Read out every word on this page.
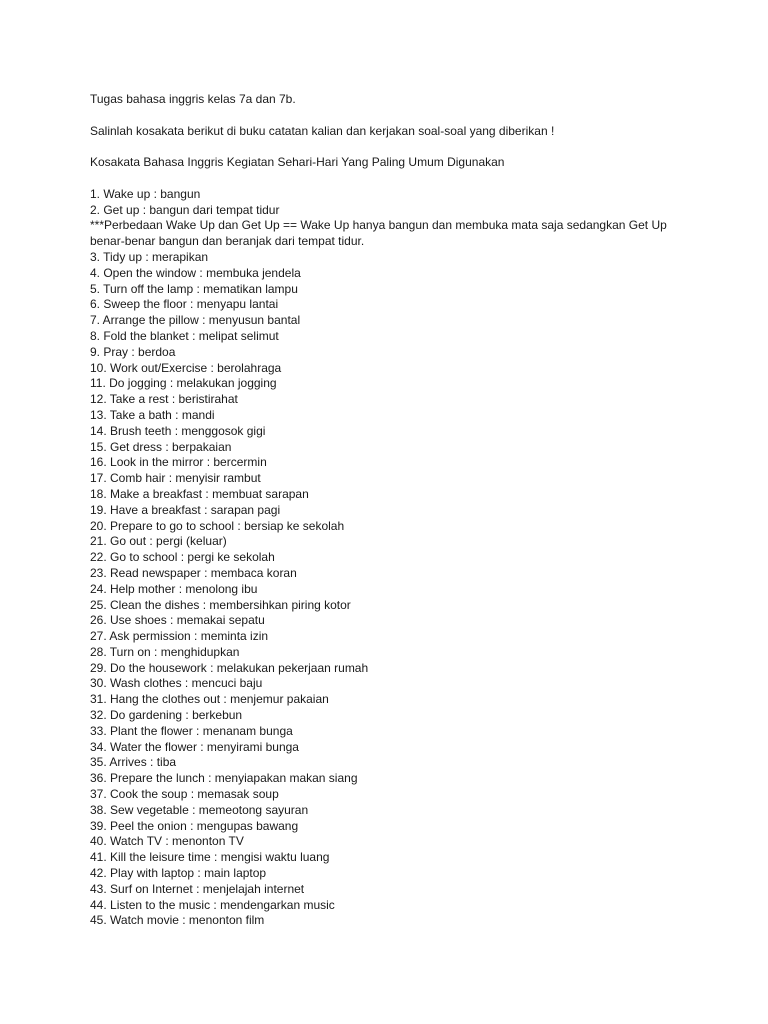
Tugas bahasa inggris kelas 7a dan 7b.

Salinlah kosakata berikut di buku catatan kalian dan kerjakan soal-soal yang diberikan !

Kosakata Bahasa Inggris Kegiatan Sehari-Hari Yang Paling Umum Digunakan

1. Wake up : bangun

2. Get up : bangun dari tempat tidur

***Perbedaan Wake Up dan Get Up == Wake Up hanya bangun dan membuka mata saja sedangkan Get Up benar-benar bangun dan beranjak dari tempat tidur.

3. Tidy up : merapikan

4. Open the window : membuka jendela

5. Turn off the lamp : mematikan lampu

6. Sweep the floor : menyapu lantai

7. Arrange the pillow : menyusun bantal

8. Fold the blanket : melipat selimut

9. Pray : berdoa

10. Work out/Exercise : berolahraga

11. Do jogging : melakukan jogging

12. Take a rest : beristirahat

13. Take a bath : mandi

14. Brush teeth : menggosok gigi

15. Get dress : berpakaian

16. Look in the mirror : bercermin

17. Comb hair : menyisir rambut

18. Make a breakfast : membuat sarapan

19. Have a breakfast : sarapan pagi

20. Prepare to go to school : bersiap ke sekolah

21. Go out : pergi (keluar)

22. Go to school : pergi ke sekolah

23. Read newspaper : membaca koran

24. Help mother : menolong ibu

25. Clean the dishes : membersihkan piring kotor

26. Use shoes : memakai sepatu

27. Ask permission : meminta izin

28. Turn on : menghidupkan

29. Do the housework : melakukan pekerjaan rumah

30. Wash clothes : mencuci baju

31. Hang the clothes out : menjemur pakaian

32. Do gardening : berkebun

33. Plant the flower : menanam bunga

34. Water the flower : menyirami bunga

35. Arrives : tiba

36. Prepare the lunch : menyiapakan makan siang

37. Cook the soup : memasak soup

38. Sew vegetable : memeotong sayuran

39. Peel the onion : mengupas bawang

40. Watch TV : menonton TV

41. Kill the leisure time : mengisi waktu luang

42. Play with laptop : main laptop

43. Surf on Internet : menjelajah internet

44. Listen to the music : mendengarkan music

45. Watch movie : menonton film
